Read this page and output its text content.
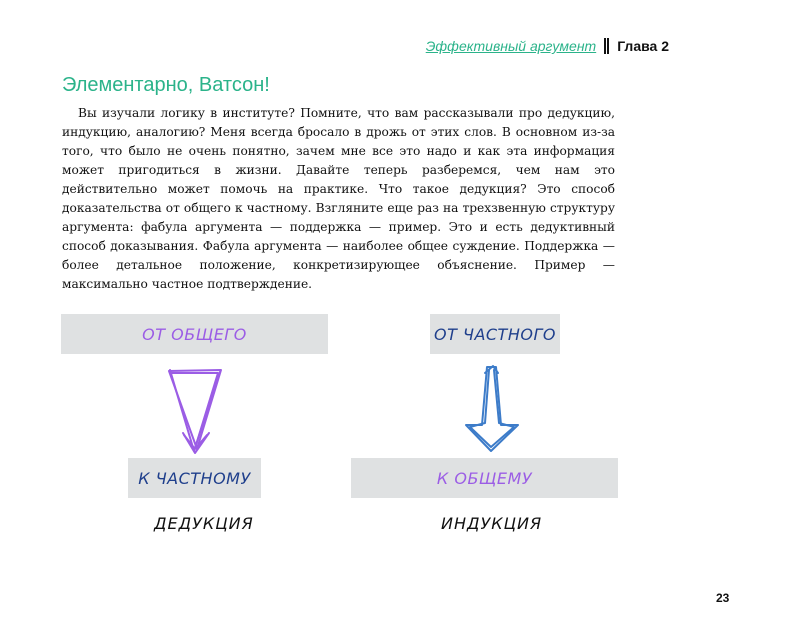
Эффективный аргумент Глава 2
Элементарно, Ватсон!

Вы изучали логику в институте? Помните, что вам рассказывали про дедукцию, индукцию, аналогию? Меня всегда бросало в дрожь от этих слов. В основном из-за того, что было не очень понятно, зачем мне все это надо и как эта информация может пригодиться в жизни. Давайте теперь разберемся, чем нам это действительно может помочь на практике. Что такое дедукция? Это способ доказательства от общего к частному. Взгляните еще раз на трехзвенную структуру аргумента: фабула аргумента — поддержка — пример. Это и есть дедуктивный способ доказывания. Фабула аргумента — наиболее общее суждение. Поддержка — более детальное положение, конкретизирующее объяснение. Пример — максимально частное подтверждение.

ОТ ОБЩЕГО
К ЧАСТНОМУ
ДЕДУКЦИЯ
ОТ ЧАСТНОГО
К ОБЩЕМУ
ИНДУКЦИЯ
23
